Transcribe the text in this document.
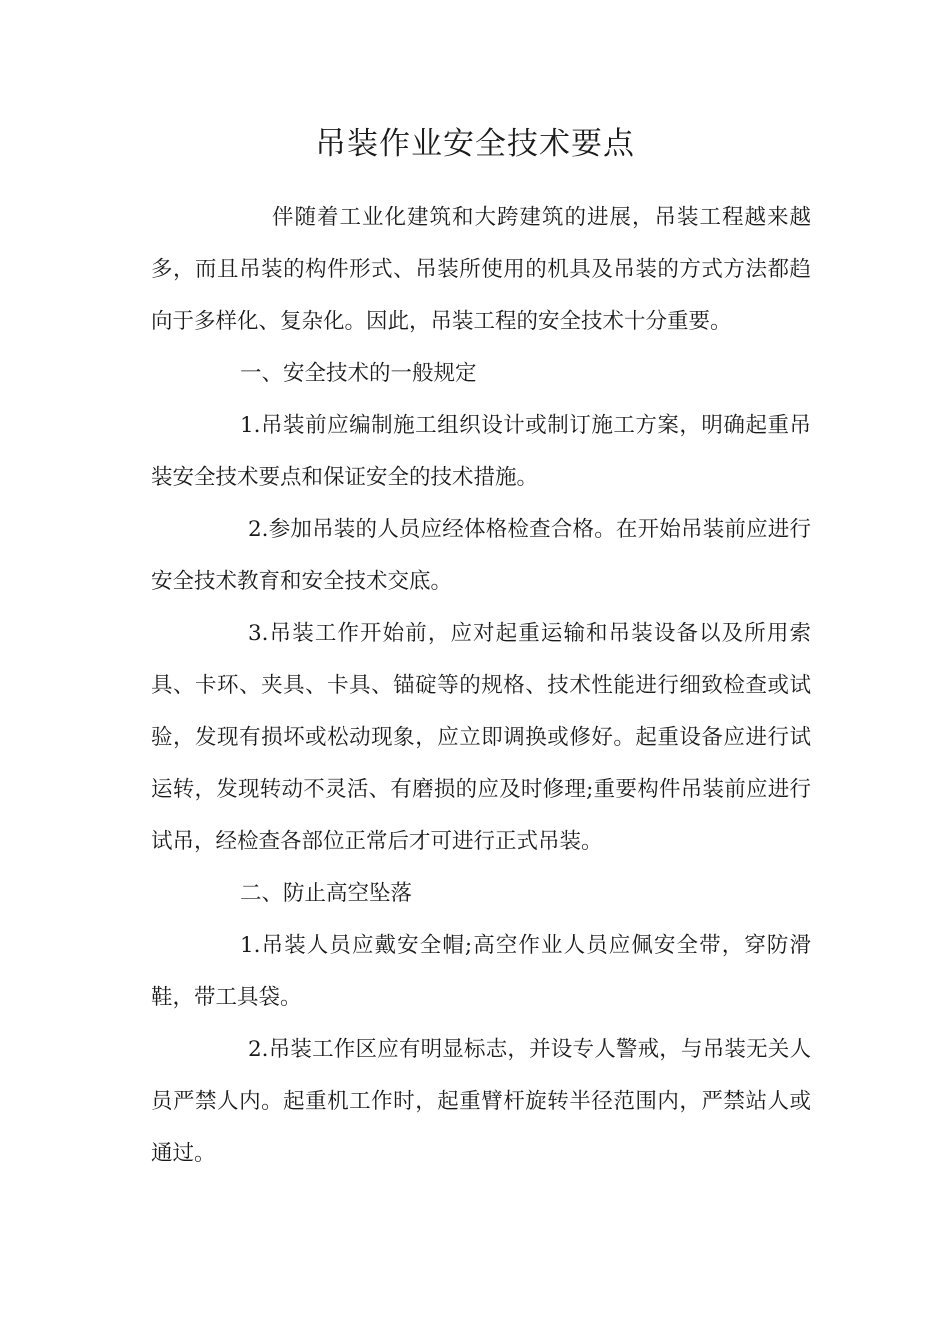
吊装作业安全技术要点

伴随着工业化建筑和大跨建筑的进展，吊装工程越来越多，而且吊装的构件形式、吊装所使用的机具及吊装的方式方法都趋向于多样化、复杂化。因此，吊装工程的安全技术十分重要。

一、安全技术的一般规定

1.吊装前应编制施工组织设计或制订施工方案，明确起重吊装安全技术要点和保证安全的技术措施。

2.参加吊装的人员应经体格检查合格。在开始吊装前应进行安全技术教育和安全技术交底。

3.吊装工作开始前，应对起重运输和吊装设备以及所用索具、卡环、夹具、卡具、锚碇等的规格、技术性能进行细致检查或试验，发现有损坏或松动现象，应立即调换或修好。起重设备应进行试运转，发现转动不灵活、有磨损的应及时修理;重要构件吊装前应进行试吊，经检查各部位正常后才可进行正式吊装。

二、防止高空坠落

1.吊装人员应戴安全帽;高空作业人员应佩安全带，穿防滑鞋，带工具袋。

2.吊装工作区应有明显标志，并设专人警戒，与吊装无关人员严禁人内。起重机工作时，起重臂杆旋转半径范围内，严禁站人或通过。
